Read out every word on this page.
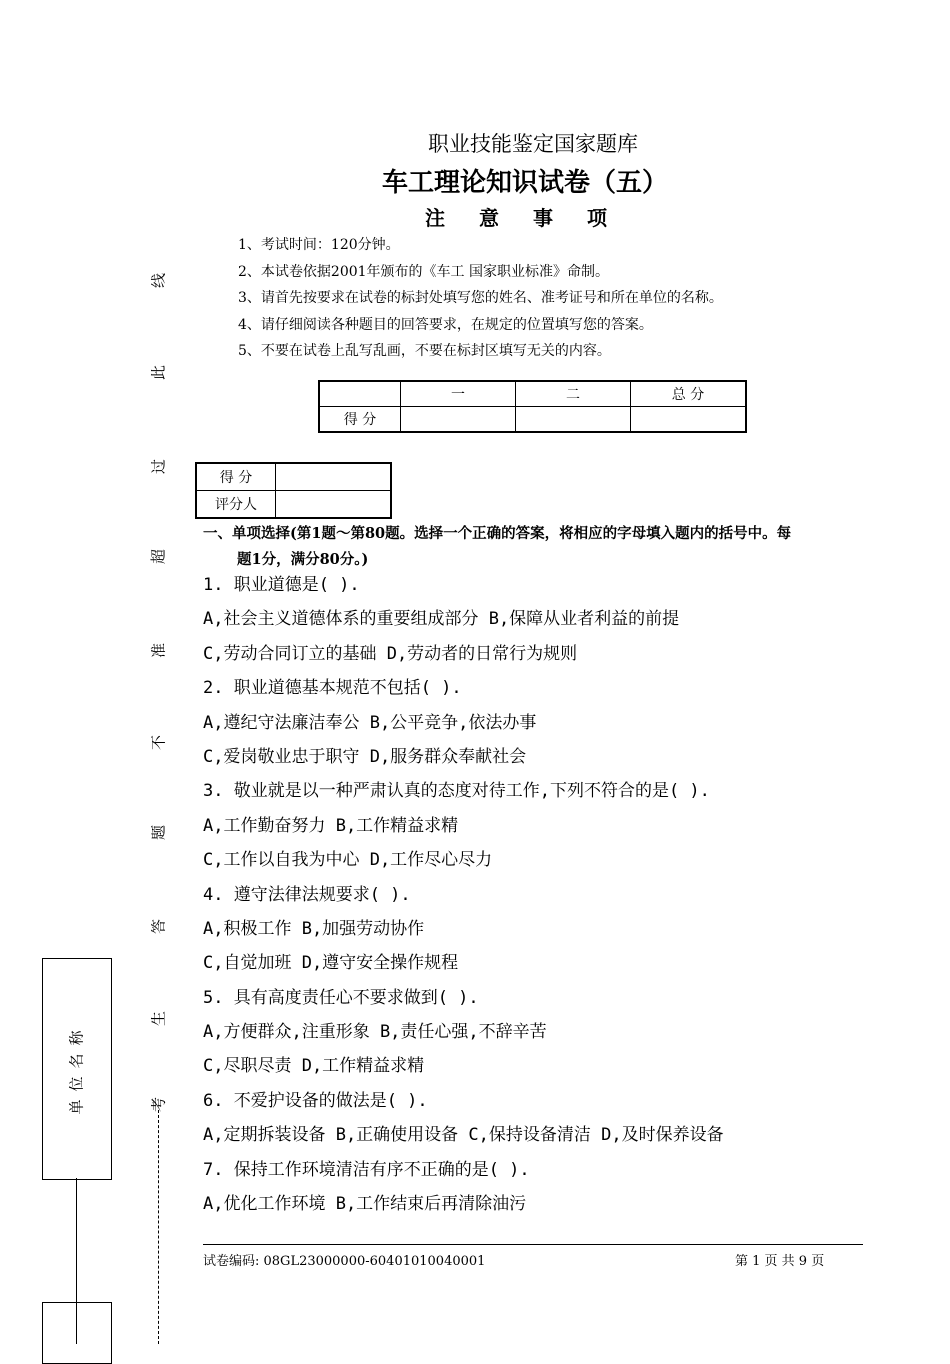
职业技能鉴定国家题库
车工理论知识试卷（五）
注意事项
1、考试时间：120分钟。
2、本试卷依据2001年颁布的《车工 国家职业标准》命制。
3、请首先按要求在试卷的标封处填写您的姓名、准考证号和所在单位的名称。
4、请仔细阅读各种题目的回答要求，在规定的位置填写您的答案。
5、不要在试卷上乱写乱画，不要在标封区填写无关的内容。
	一	二	总 分
得 分			
得 分	
评分人	
一、单项选择(第1题～第80题。选择一个正确的答案，将相应的字母填入题内的括号中。每
题1分，满分80分。)
1. 职业道德是( ).
A,社会主义道德体系的重要组成部分 B,保障从业者利益的前提
C,劳动合同订立的基础 D,劳动者的日常行为规则
2. 职业道德基本规范不包括( ).
A,遵纪守法廉洁奉公 B,公平竞争,依法办事
C,爱岗敬业忠于职守 D,服务群众奉献社会
3. 敬业就是以一种严肃认真的态度对待工作,下列不符合的是( ).
A,工作勤奋努力 B,工作精益求精
C,工作以自我为中心 D,工作尽心尽力
4. 遵守法律法规要求( ).
A,积极工作 B,加强劳动协作
C,自觉加班 D,遵守安全操作规程
5. 具有高度责任心不要求做到( ).
A,方便群众,注重形象 B,责任心强,不辞辛苦
C,尽职尽责 D,工作精益求精
6. 不爱护设备的做法是( ).
A,定期拆装设备 B,正确使用设备 C,保持设备清洁 D,及时保养设备
7. 保持工作环境清洁有序不正确的是( ).
A,优化工作环境 B,工作结束后再清除油污
试卷编码: 08GL23000000-60401010040001	第 1 页 共 9 页
线
此
过
超
准
不
题
答
生
考
单位名称
